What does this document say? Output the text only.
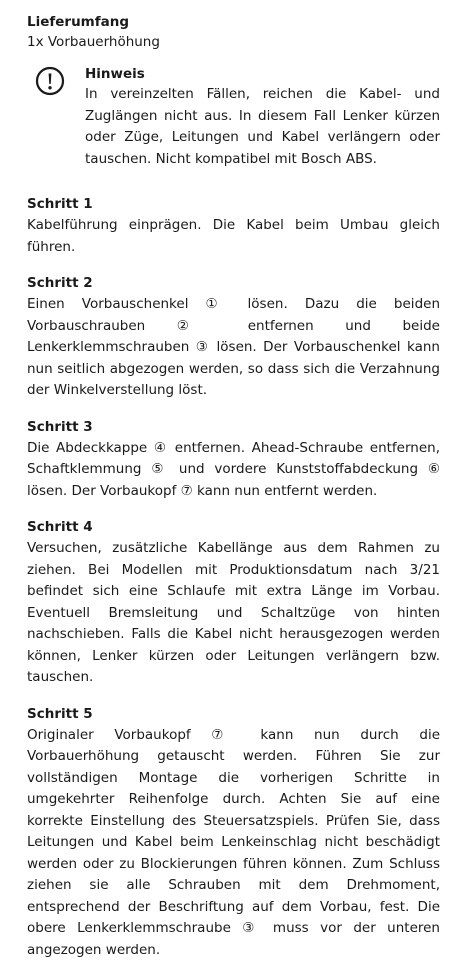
Lieferumfang

1x Vorbauerhöhung

Hinweis

In vereinzelten Fällen, reichen die Kabel- und Zuglängen nicht aus. In diesem Fall Lenker kürzen oder Züge, Leitungen und Kabel verlängern oder tauschen. Nicht kompatibel mit Bosch ABS.

Schritt 1

Kabelführung einprägen. Die Kabel beim Umbau gleich führen.

Schritt 2

Einen Vorbauschenkel ① lösen. Dazu die beiden Vorbauschrauben ② entfernen und beide Lenkerklemmschrauben ③ lösen. Der Vorbauschenkel kann nun seitlich abgezogen werden, so dass sich die Verzahnung der Winkelverstellung löst.

Schritt 3

Die Abdeckkappe ④ entfernen. Ahead-Schraube entfernen, Schaftklemmung ⑤ und vordere Kunststoffabdeckung ⑥ lösen. Der Vorbaukopf ⑦ kann nun entfernt werden.

Schritt 4

Versuchen, zusätzliche Kabellänge aus dem Rahmen zu ziehen. Bei Modellen mit Produktionsdatum nach 3/21 befindet sich eine Schlaufe mit extra Länge im Vorbau. Eventuell Bremsleitung und Schaltzüge von hinten nachschieben. Falls die Kabel nicht herausgezogen werden können, Lenker kürzen oder Leitungen verlängern bzw. tauschen.

Schritt 5

Originaler Vorbaukopf ⑦ kann nun durch die Vorbauerhöhung getauscht werden. Führen Sie zur vollständigen Montage die vorherigen Schritte in umgekehrter Reihenfolge durch. Achten Sie auf eine korrekte Einstellung des Steuersatzspiels. Prüfen Sie, dass Leitungen und Kabel beim Lenkeinschlag nicht beschädigt werden oder zu Blockierungen führen können. Zum Schluss ziehen sie alle Schrauben mit dem Drehmoment, entsprechend der Beschriftung auf dem Vorbau, fest. Die obere Lenkerklemmschraube ③ muss vor der unteren angezogen werden.
